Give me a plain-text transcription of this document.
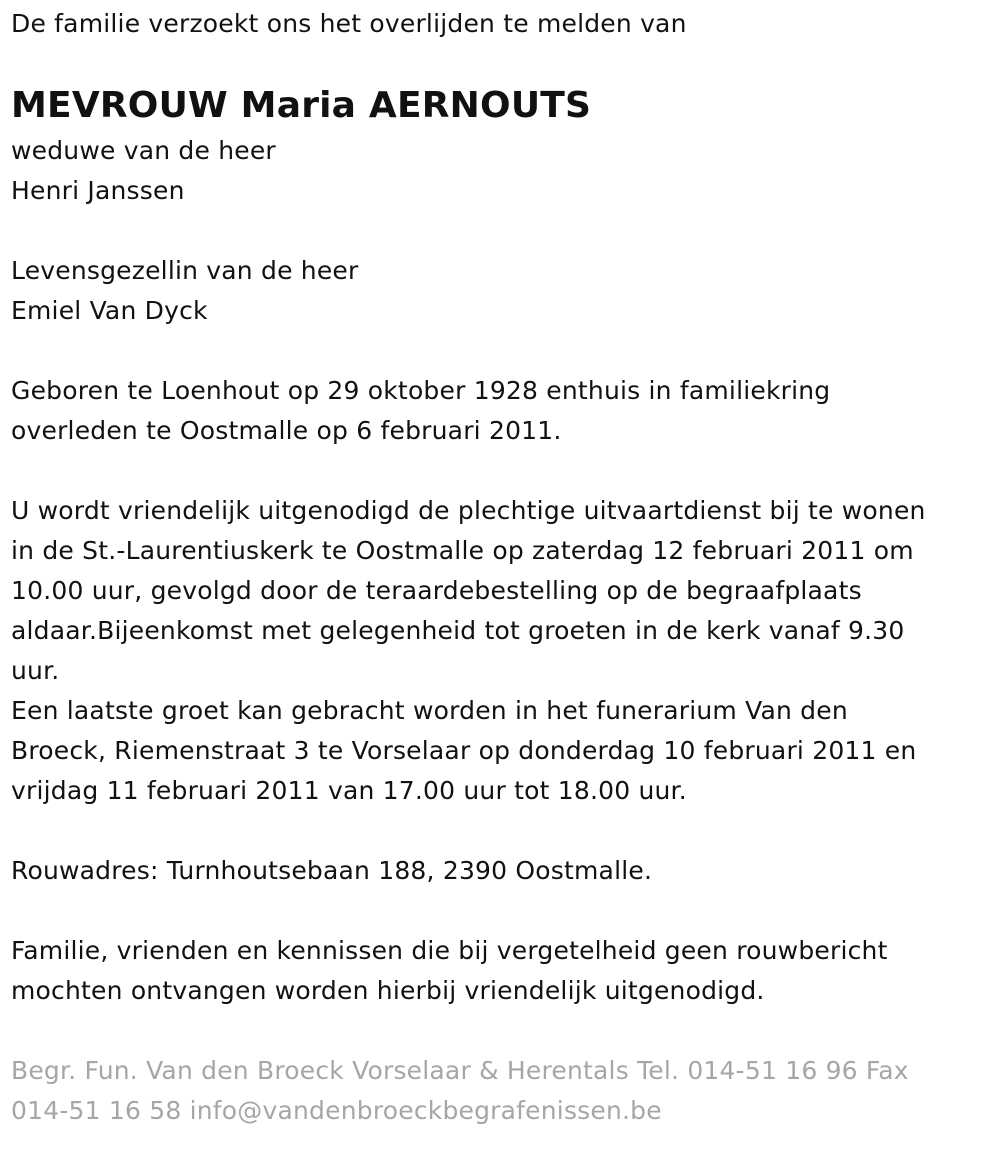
De familie verzoekt ons het overlijden te melden van

MEVROUW Maria AERNOUTS

weduwe van de heer

Henri Janssen

Levensgezellin van de heer

Emiel Van Dyck

Geboren te Loenhout op 29 oktober 1928 enthuis in familiekring

overleden te Oostmalle op 6 februari 2011.

U wordt vriendelijk uitgenodigd de plechtige uitvaartdienst bij te wonen

in de St.-Laurentiuskerk te Oostmalle op zaterdag 12 februari 2011 om

10.00 uur, gevolgd door de teraardebestelling op de begraafplaats

aldaar.Bijeenkomst met gelegenheid tot groeten in de kerk vanaf 9.30

uur.

Een laatste groet kan gebracht worden in het funerarium Van den

Broeck, Riemenstraat 3 te Vorselaar op donderdag 10 februari 2011 en

vrijdag 11 februari 2011 van 17.00 uur tot 18.00 uur.

Rouwadres: Turnhoutsebaan 188, 2390 Oostmalle.

Familie, vrienden en kennissen die bij vergetelheid geen rouwbericht

mochten ontvangen worden hierbij vriendelijk uitgenodigd.

Begr. Fun. Van den Broeck Vorselaar & Herentals Tel. 014-51 16 96 Fax

014-51 16 58 info@vandenbroeckbegrafenissen.be
